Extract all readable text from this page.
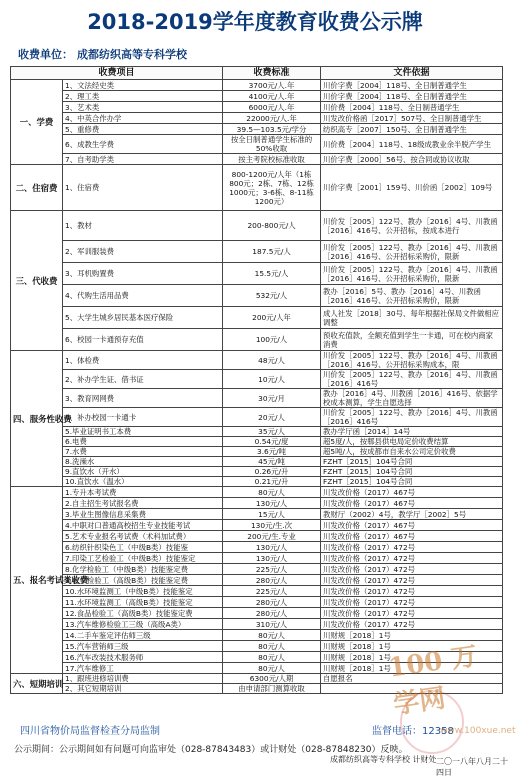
2018-2019学年度教育收费公示牌
收费单位： 成都纺织高等专科学校
收费项目		收费标准	文件依据
一、学费	1、文法经史类	3700元/人.年	川价字费［2004］118号、全日制普通学生
	2、理工类	4100元/人.年	川价字费［2004］118号、全日制普通学生
	3、艺术类	6000元/人.年	川价费［2004］118号、全日制普通学生
	4、中英合作办学	22000元/人.年	川发改价格函［2017］507号、全日制普通学生
	5、重修费	39.5—103.5元/学分	纺织高专［2007］150号、全日制普通学生
	6、成教生学费	按全日制普通学生标准的50%收取	川价费［2004］118号、18级成教业余半脱产学生
	7、自考助学类	按主考院校标准收取	川价字费［2000］56号、按合同或协议收取
二、住宿费	1、住宿费	800-1200元/人年（1栋800元；2栋、7栋、12栋1000元；3-6栋、8-11栋1200元）	川价字费［2001］159号、川价函［2002］109号
三、代收费	1、教材	200-800元/人	川价发［2005］122号、教办［2016］4号、川教函［2016］416号、公开招标，按成本进行
	2、军训服装费	187.5元/人	川价发［2005］122号、教办［2016］4号、川教函［2016］416号、公开招标采购价，限新
	3、耳机购置费	15.5元/人	川价发［2005］122号、教办［2016］4号、川教函［2016］416号、公开招标采购价，限新
	4、代购生活用品费	532元/人	教办［2016］5号、教办［2016］4号、川教函［2016］416号、公开招标采购价，限新
	5、大学生城乡居民基本医疗保险	200元/人年	成人社发［2018］30号、每年根据社保局文件做相应调整
	6、校园一卡通预存充值	100元/人	预收充值款，全额充值到学生一卡通，可在校内商家消费
四、服务性收费	1、体检费	48元/人	川价发［2005］122号、教办［2016］4号、川教函［2016］416号、公开招标采购成本，限
	2、补办学生证、借书证	10元/人	川价发［2005］122号、教办［2016］4号、川教函［2016］416号
	3、教育网网费	30元/月	教办［2016］4号、川教函［2016］416号、依据学校成本测算，学生自愿选择
	4、补办校园一卡通卡	20元/人	川价发［2005］122号、教办［2016］4号、川教函［2016］416号
	5.毕业证明书工本费	35元/人	教办学厅函［2014］14号
	6.电费	0.54元/度	超5度/人，按郫县供电局定价收费结算
	7.水费	3.6元/吨	超5吨/人，按成都市自来水公司定价收费
	8.洗澡水	45元/吨	FZHT［2015］104号合同
	9.直饮水（开水）	0.26元/升	FZHT［2015］104号合同
	10.直饮水（温水）	0.21元/升	FZHT［2015］104号合同
五、报名考试类收费	1.专升本考试费	80元/人	川发改价格（2017）467号
	2.自主招生考试报名费	130元/人	川发改价格（2017）467号
	3.毕业生图像信息采集费	15元/人	教财厅（2002）4号，教学厅［2002］5号
	4.中职对口普通高校招生专业技能考试	130元/生.次	川发改价格（2017）467号
	5.艺术专业报名考试费（术科加试费）	200元/生.专业	川发改价格（2017）467号
	6.纺织针织染色工（中级B类）技能鉴	130元/人	川发改价格（2017）472号
	7.印染工艺检验工（中级B类）技能鉴定	130元/人	川发改价格（2017）472号
	8.化学检验工（中级B类）技能鉴定费	225元/人	川发改价格（2017）472号
	9.化学检验工（高级B类）技能鉴定费	280元/人	川发改价格（2017）472号
	10.水环境监测工（中级B类）技能鉴定	225元/人	川发改价格（2017）472号
	11.水环境监测工（高级B类）技能鉴定	280元/人	川发改价格（2017）472号
	12.食品检验工（高级B类）技能鉴定费	280元/人	川发改价格（2017）472号
	13.汽车维修检验工三级（高级A类）	310元/人	川发改价格（2017）472号
	14.二手车鉴定评估师三级	80元/人	川财规［2018］1号
	15.汽车营销师三级	80元/人	川财规［2018］1号
	16.汽车改装技术服务师	80元/人	川财规［2018］1号
	17.汽车维修工	80元/人	川财规［2018］1号
六、短期培训	1、跟班进修培训费	6300元/人期	自愿报名
	2、其它短期培训	由申请部门测算收取	
四川省物价局监督检查分局监制	监督电话：12358
公示期间：公示期间如有问题可向监审处（028-87843483）或计财处（028-87848230）反映。
成都纺织高等专科学校 计财处 二〇一八年八月二十四日
100 万学网
www.100xue.net
